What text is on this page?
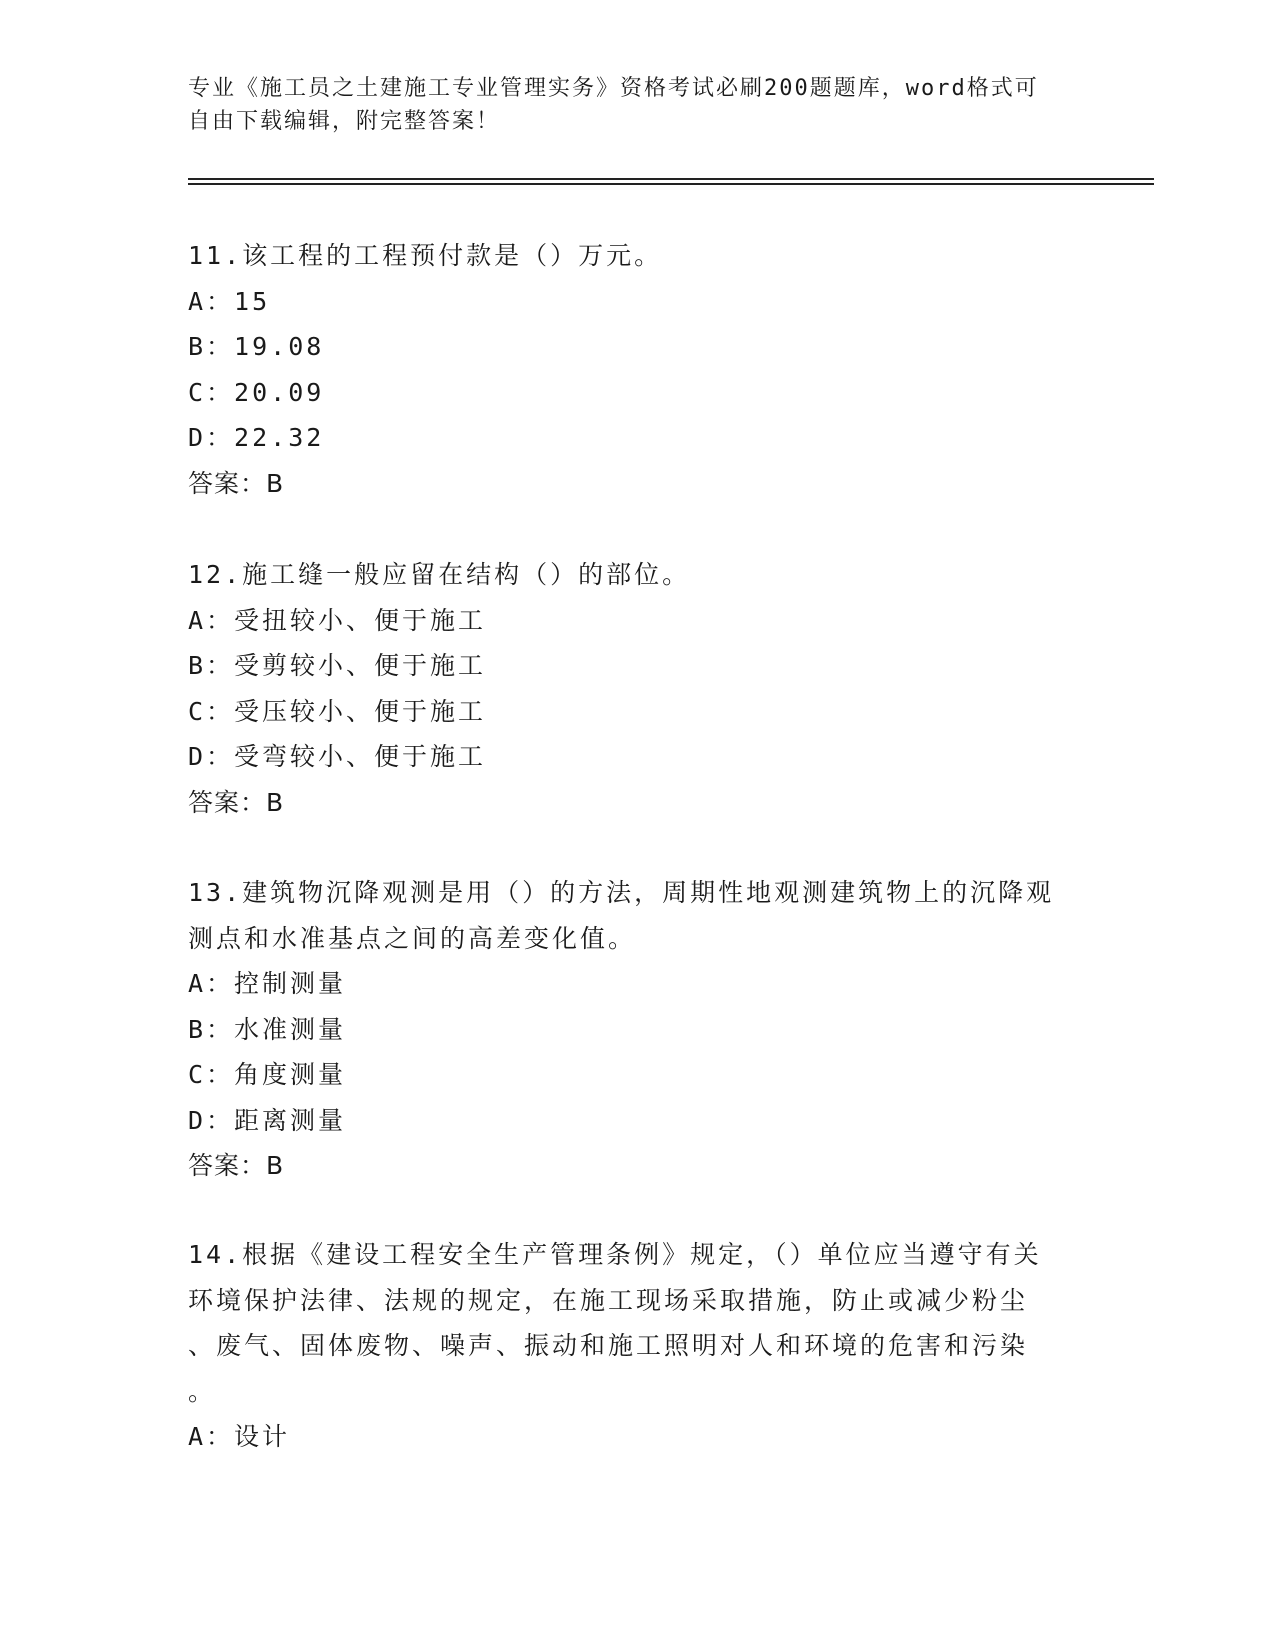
专业《施工员之土建施工专业管理实务》资格考试必刷200题题库，word格式可
自由下载编辑，附完整答案！
11.该工程的工程预付款是（）万元。
A：15
B：19.08
C：20.09
D：22.32
答案：B
12.施工缝一般应留在结构（）的部位。
A：受扭较小、便于施工
B：受剪较小、便于施工
C：受压较小、便于施工
D：受弯较小、便于施工
答案：B
13.建筑物沉降观测是用（）的方法，周期性地观测建筑物上的沉降观
测点和水准基点之间的高差变化值。
A：控制测量
B：水准测量
C：角度测量
D：距离测量
答案：B
14.根据《建设工程安全生产管理条例》规定，（）单位应当遵守有关
环境保护法律、法规的规定，在施工现场采取措施，防止或减少粉尘
、废气、固体废物、噪声、振动和施工照明对人和环境的危害和污染
。
A：设计
